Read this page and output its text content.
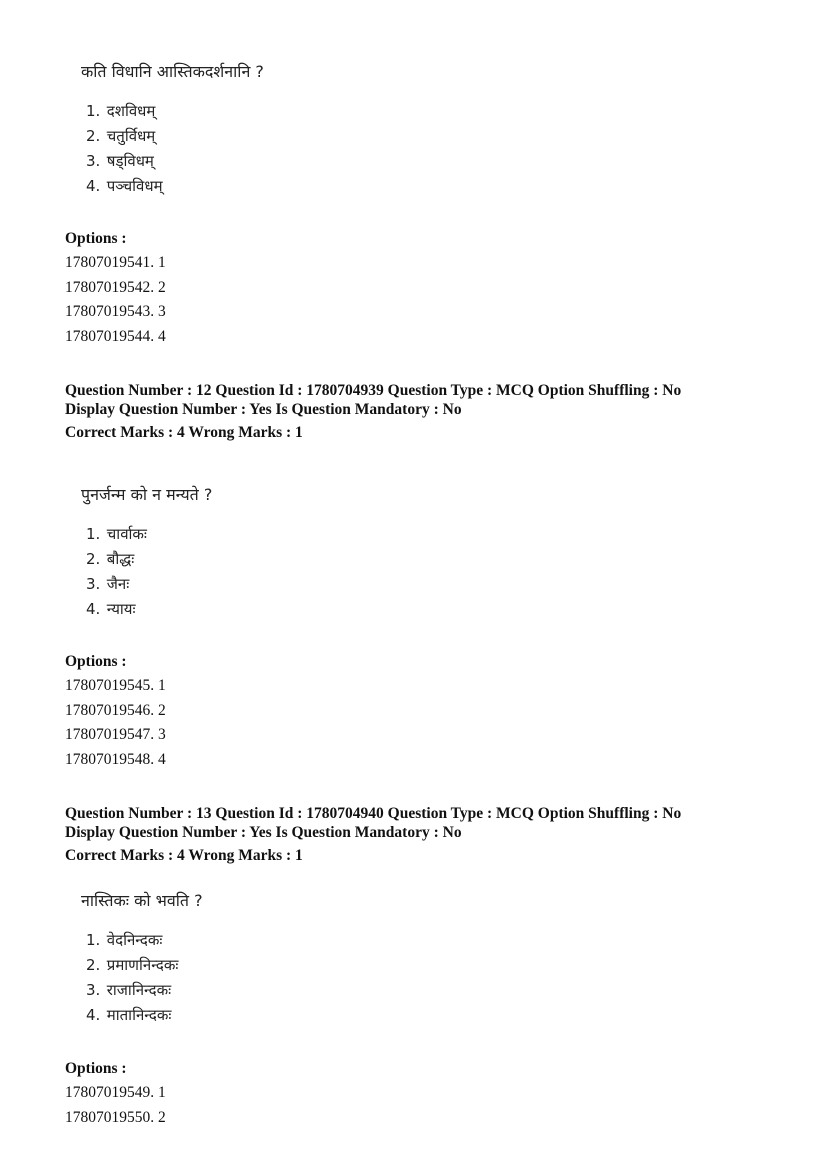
कति विधानि आस्तिकदर्शनानि ?
1. दशविधम्
2. चतुर्विधम्
3. षड्विधम्
4. पञ्चविधम्
Options :
17807019541. 1
17807019542. 2
17807019543. 3
17807019544. 4
Question Number : 12 Question Id : 1780704939 Question Type : MCQ Option Shuffling : No
Display Question Number : Yes Is Question Mandatory : No
Correct Marks : 4 Wrong Marks : 1
पुनर्जन्म को न मन्यते ?
1. चार्वाकः
2. बौद्धः
3. जैनः
4. न्यायः
Options :
17807019545. 1
17807019546. 2
17807019547. 3
17807019548. 4
Question Number : 13 Question Id : 1780704940 Question Type : MCQ Option Shuffling : No
Display Question Number : Yes Is Question Mandatory : No
Correct Marks : 4 Wrong Marks : 1
नास्तिकः को भवति ?
1. वेदनिन्दकः
2. प्रमाणनिन्दकः
3. राजानिन्दकः
4. मातानिन्दकः
Options :
17807019549. 1
17807019550. 2
